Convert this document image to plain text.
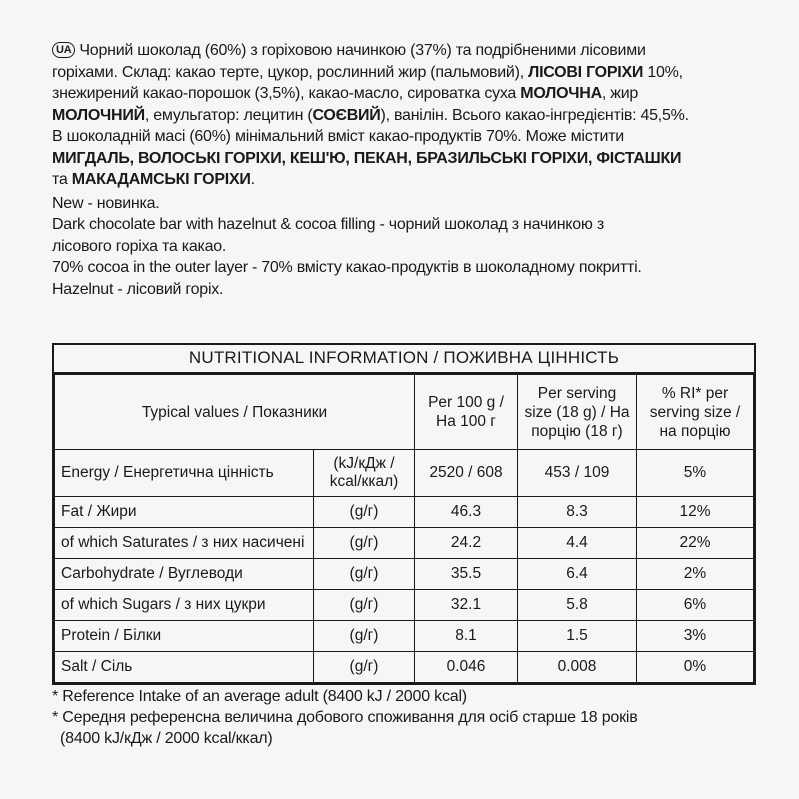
UA Чорний шоколад (60%) з горіховою начинкою (37%) та подрібненими лісовими

горіхами. Склад: какао терте, цукор, рослинний жир (пальмовий), ЛІСОВІ ГОРІХИ 10%,

знежирений какао-порошок (3,5%), какао-масло, сироватка суха МОЛОЧНА, жир

МОЛОЧНИЙ, емульгатор: лецитин (СОЄВИЙ), ванілін. Всього какао-інгредієнтів: 45,5%.

В шоколадній масі (60%) мінімальний вміст какао-продуктів 70%. Може містити

МИГДАЛЬ, ВОЛОСЬКІ ГОРІХИ, КЕШ'Ю, ПЕКАН, БРАЗИЛЬСЬКІ ГОРІХИ, ФІСТАШКИ

та МАКАДАМСЬКІ ГОРІХИ.

New - новинка.

Dark chocolate bar with hazelnut & cocoa filling - чорний шоколад з начинкою з

лісового горіха та какао.

70% cocoa in the outer layer - 70% вмісту какао-продуктів в шоколадному покритті.

Hazelnut - лісовий горіх.

NUTRITIONAL INFORMATION / ПОЖИВНА ЦІННІСТЬ
Typical values / Показники		Per 100 g / На 100 г	Per serving size (18 g) / На порцію (18 г)	% RI* per serving size / на порцію
Energy / Енергетична цінність	(kJ/кДж / kcal/ккал)	2520 / 608	453 / 109	5%
Fat / Жири	(g/г)	46.3	8.3	12%
of which Saturates / з них насичені	(g/г)	24.2	4.4	22%
Carbohydrate / Вуглеводи	(g/г)	35.5	6.4	2%
of which Sugars / з них цукри	(g/г)	32.1	5.8	6%
Protein / Білки	(g/г)	8.1	1.5	3%
Salt / Сіль	(g/г)	0.046	0.008	0%

* Reference Intake of an average adult (8400 kJ / 2000 kcal)

* Середня референсна величина добового споживання для осіб старше 18 років

(8400 kJ/кДж / 2000 kcal/ккал)
